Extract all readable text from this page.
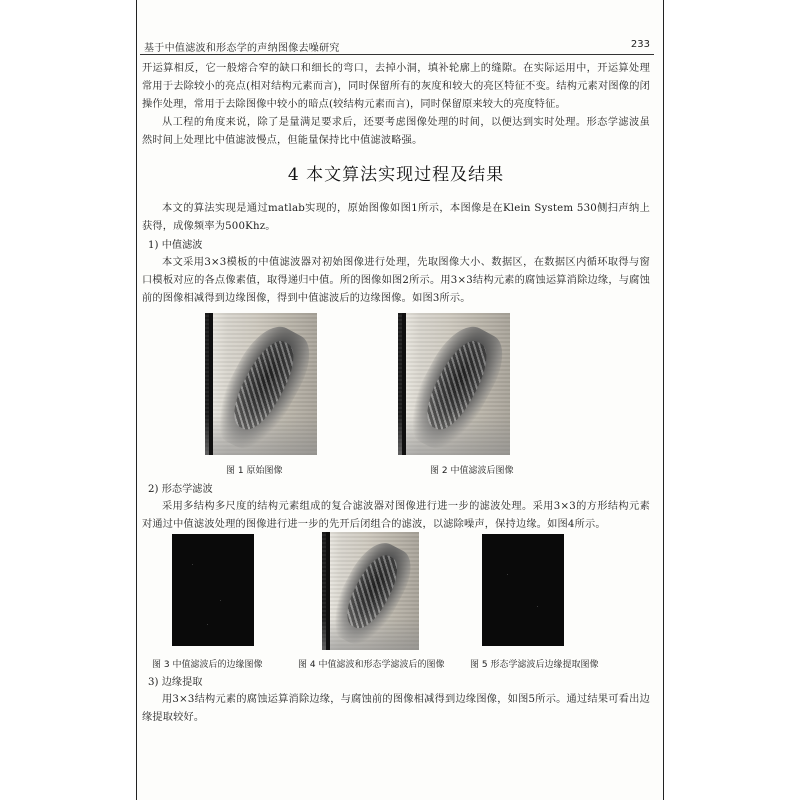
基于中值滤波和形态学的声纳图像去噪研究	233

开运算相反，它一般熔合窄的缺口和细长的弯口，去掉小洞，填补轮廓上的缝隙。在实际运用中，开运算处理常用于去除较小的亮点(相对结构元素而言)，同时保留所有的灰度和较大的亮区特征不变。结构元素对图像的闭操作处理，常用于去除图像中较小的暗点(较结构元素而言)，同时保留原来较大的亮度特征。

从工程的角度来说，除了是量满足要求后，还要考虑图像处理的时间，以便达到实时处理。形态学滤波虽然时间上处理比中值滤波慢点，但能量保持比中值滤波略强。

4 本文算法实现过程及结果

本文的算法实现是通过matlab实现的，原始图像如图1所示，本图像是在Klein System 530侧扫声纳上获得，成像频率为500Khz。

1) 中值滤波

本文采用3×3模板的中值滤波器对初始图像进行处理，先取图像大小、数据区，在数据区内循环取得与窗口模板对应的各点像素值，取得递归中值。所的图像如图2所示。用3×3结构元素的腐蚀运算消除边缘，与腐蚀前的图像相减得到边缘图像，得到中值滤波后的边缘图像。如图3所示。

图 1 原始图像	图 2 中值滤波后图像
2) 形态学滤波

采用多结构多尺度的结构元素组成的复合滤波器对图像进行进一步的滤波处理。采用3×3的方形结构元素对通过中值滤波处理的图像进行进一步的先开后闭组合的滤波，以滤除噪声，保持边缘。如图4所示。

图 3 中值滤波后的边缘图像	图 4 中值滤波和形态学滤波后的图像	图 5 形态学滤波后边缘提取图像
3) 边缘提取

用3×3结构元素的腐蚀运算消除边缘，与腐蚀前的图像相减得到边缘图像，如图5所示。通过结果可看出边缘提取较好。
